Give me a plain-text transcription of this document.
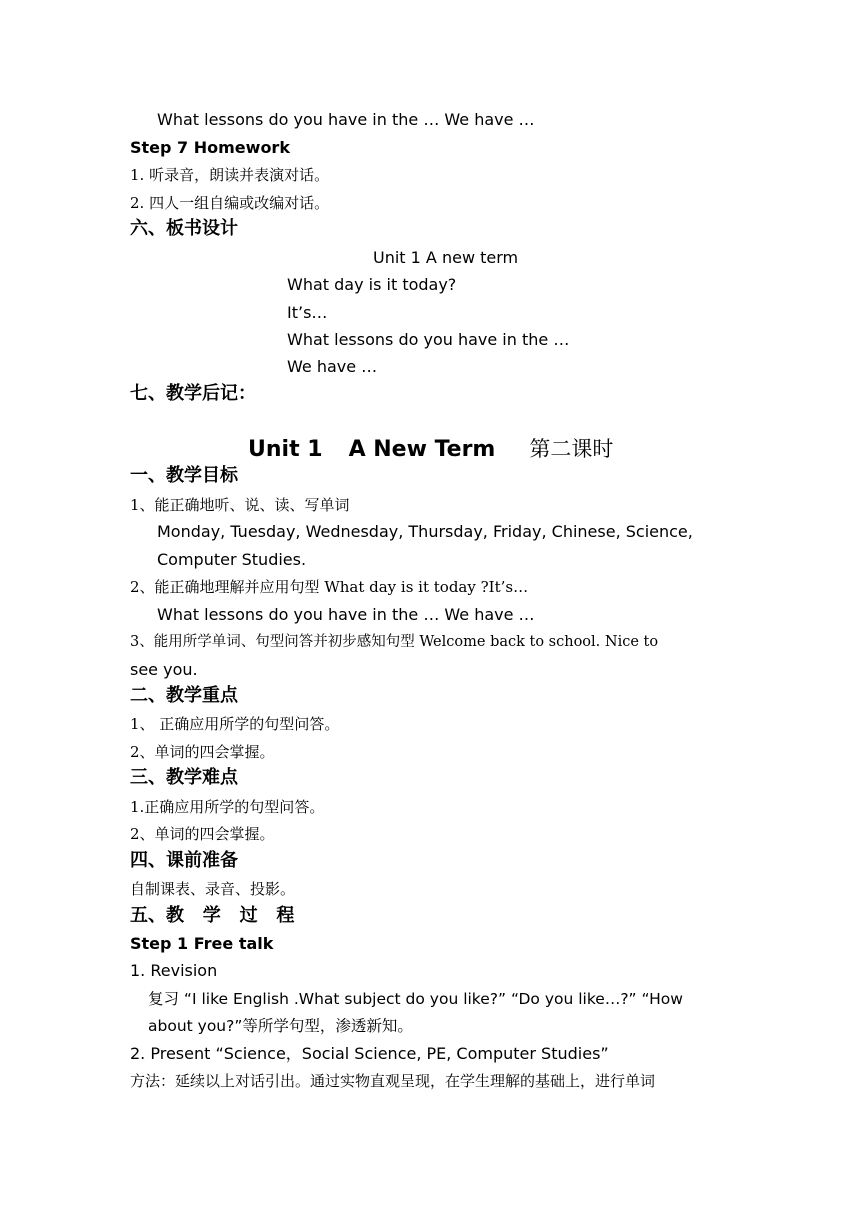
What lessons do you have in the … We have …
Step 7 Homework
1. 听录音，朗读并表演对话。
2. 四人一组自编或改编对话。
六、板书设计
Unit 1 A new term
What day is it today?
It’s…
What lessons do you have in the …
We have …
七、教学后记：
Unit 1 A New Term 第二课时
一、教学目标
1、能正确地听、说、读、写单词
Monday, Tuesday, Wednesday, Thursday, Friday, Chinese, Science,
Computer Studies.
2、能正确地理解并应用句型 What day is it today ?It’s…
What lessons do you have in the … We have …
3、能用所学单词、句型问答并初步感知句型 Welcome back to school. Nice to
see you.
二、教学重点
1、 正确应用所学的句型问答。
2、单词的四会掌握。
三、教学难点
1.正确应用所学的句型问答。
2、单词的四会掌握。
四、课前准备
自制课表、录音、投影。
五、教   学   过   程
Step 1 Free talk
1. Revision
复习 “I like English .What subject do you like?” “Do you like…?” “How
about you?”等所学句型，渗透新知。
2. Present “Science，Social Science, PE, Computer Studies”
方法：延续以上对话引出。通过实物直观呈现，在学生理解的基础上，进行单词
